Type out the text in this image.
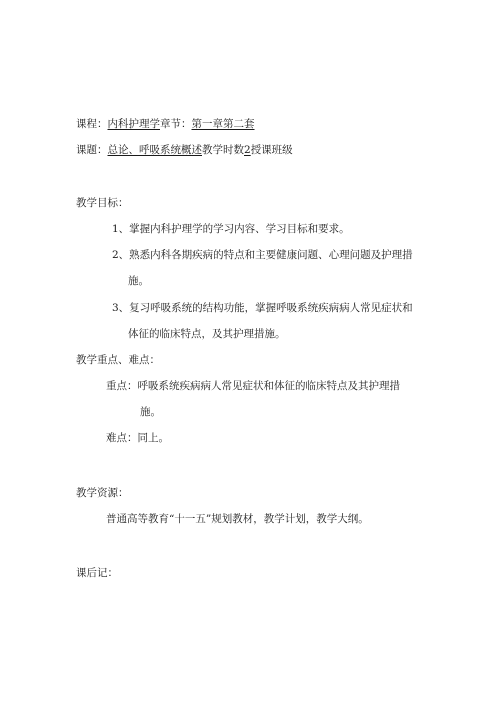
课程：内科护理学章节：第一章第二套
课题：总论、呼吸系统概述教学时数2授课班级
教学目标：
1、掌握内科护理学的学习内容、学习目标和要求。
2、熟悉内科各期疾病的特点和主要健康问题、心理问题及护理措
施。
3、复习呼吸系统的结构功能，掌握呼吸系统疾病病人常见症状和
体征的临床特点，及其护理措施。
教学重点、难点：
重点：呼吸系统疾病病人常见症状和体征的临床特点及其护理措
施。
难点：同上。
教学资源：
普通高等教育“十一五”规划教材，教学计划，教学大纲。
课后记：
